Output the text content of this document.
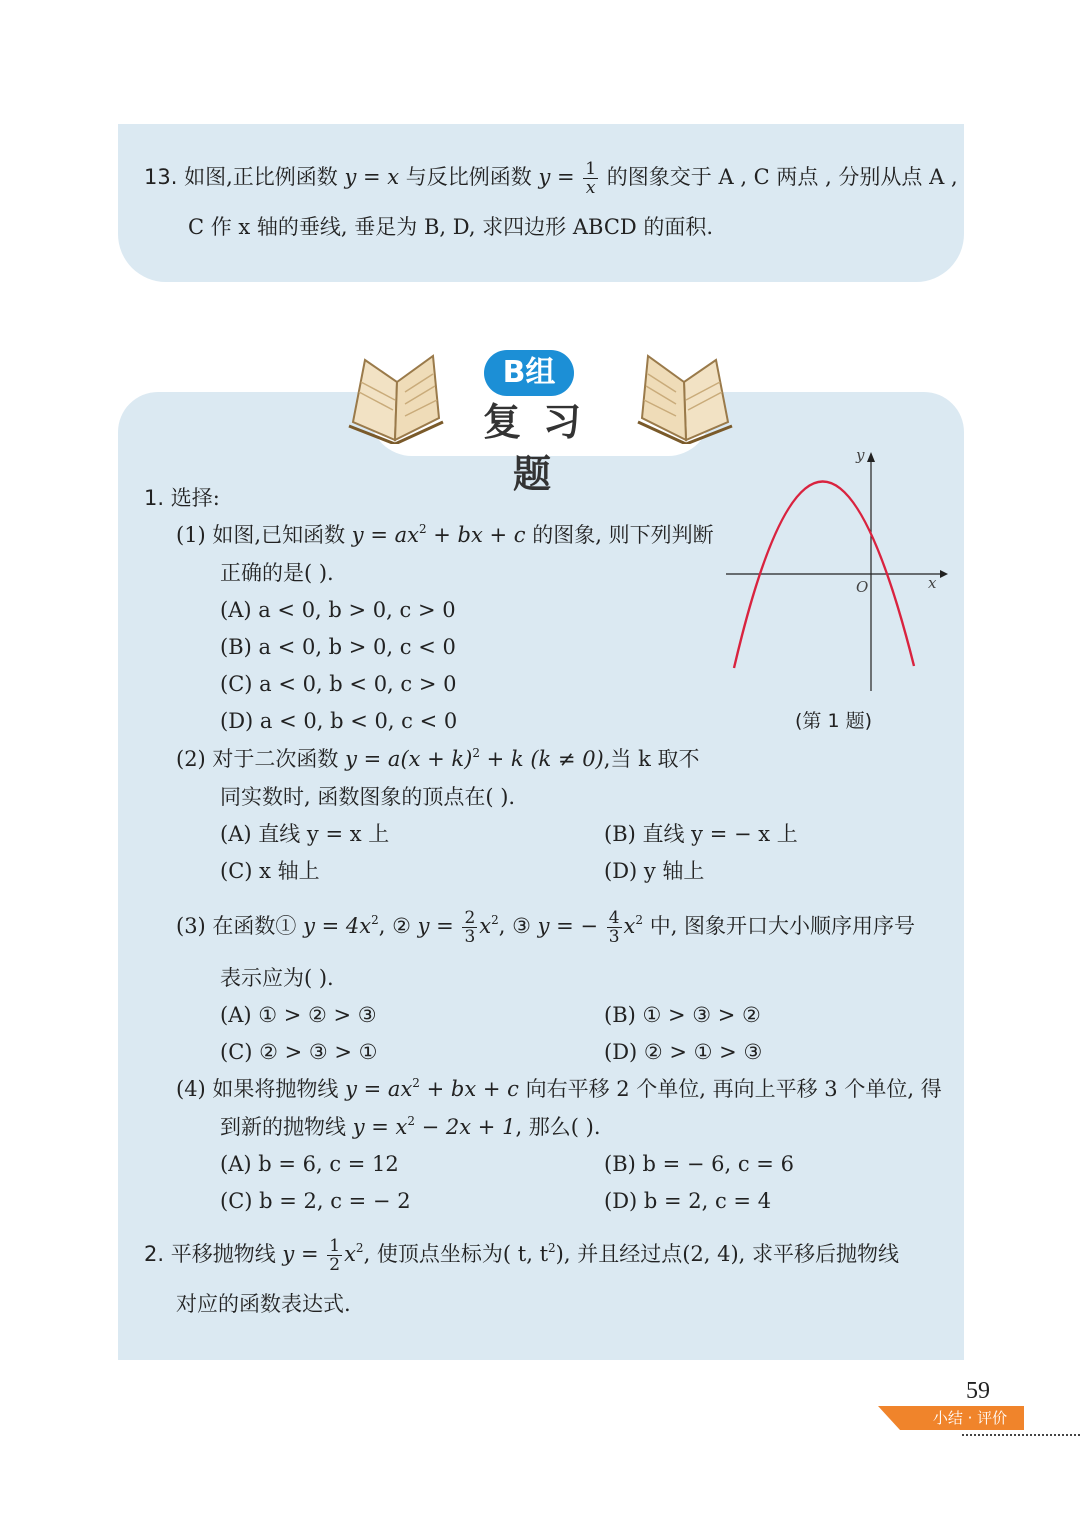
13. 如图,正比例函数 y = x 与反比例函数 $y = \frac{1}{x}$ 的图象交于 A , C 两点 , 分别从点 A ,
C 作 x 轴的垂线, 垂足为 B, D, 求四边形 ABCD 的面积.
B组
复习题
1. 选择:
(1) 如图,已知函数 $y = ax^2$ + bx + c 的图象, 则下列判断
正确的是( ).
(A) a < 0, b > 0, c > 0
(B) a < 0, b > 0, c < 0
(C) a < 0, b < 0, c > 0
(D) a < 0, b < 0, c < 0
O	x
y
(第 1 题)
(2) 对于二次函数 $y = a(x + k)^2 + k$ (k ≠ 0),当 k 取不
同实数时, 函数图象的顶点在( ).
(A) 直线 y = x 上	(B) 直线 y = − x 上
(C) x 轴上	(D) y 轴上
(3) 在函数① $y = 4x^2$, ② $y = \frac{2}{3} x^2$, ③ y = − $\frac{4}{3} x^2$ 中, 图象开口大小顺序用序号
表示应为( ).
(A) ① > ② > ③	(B) ① > ③ > ②
(C) ② > ③ > ①	(D) ② > ① > ③
(4) 如果将抛物线 $y = ax^2$ + bx + c 向右平移 2 个单位, 再向上平移 3 个单位, 得
到新的抛物线 $y = x^2 - 2x + 1$, 那么( ).
(A) b = 6, c = 12	(B) b = − 6, c = 6
(C) b = 2, c = − 2	(D) b = 2, c = 4
2. 平移抛物线 $y = \frac{1}{2} x^2$, 使顶点坐标为( t, $t^2$), 并且经过点(2, 4), 求平移后抛物线
对应的函数表达式.
59
小结 · 评价
